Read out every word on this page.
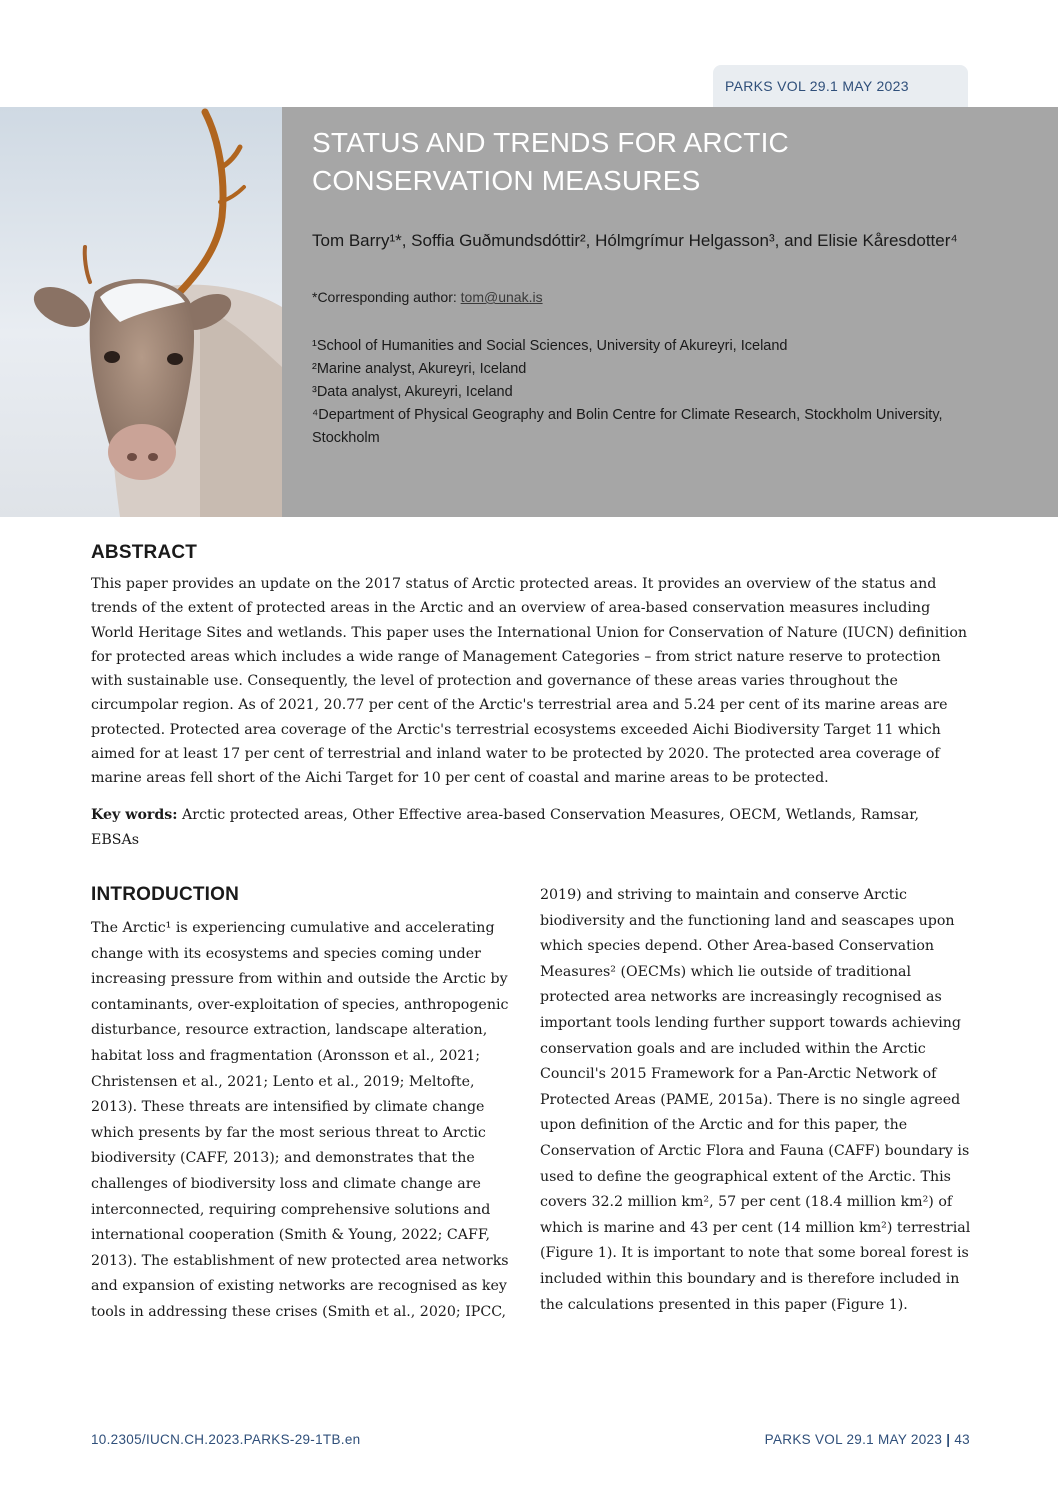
PARKS VOL 29.1 MAY 2023
STATUS AND TRENDS FOR ARCTIC CONSERVATION MEASURES
Tom Barry¹*, Soffia Guðmundsdóttir², Hólmgrímur Helgasson³, and Elisie Kåresdotter⁴
*Corresponding author: tom@unak.is
¹School of Humanities and Social Sciences, University of Akureyri, Iceland
²Marine analyst, Akureyri, Iceland
³Data analyst, Akureyri, Iceland
⁴Department of Physical Geography and Bolin Centre for Climate Research, Stockholm University, Stockholm
ABSTRACT

This paper provides an update on the 2017 status of Arctic protected areas. It provides an overview of the status and trends of the extent of protected areas in the Arctic and an overview of area-based conservation measures including World Heritage Sites and wetlands. This paper uses the International Union for Conservation of Nature (IUCN) definition for protected areas which includes a wide range of Management Categories – from strict nature reserve to protection with sustainable use. Consequently, the level of protection and governance of these areas varies throughout the circumpolar region. As of 2021, 20.77 per cent of the Arctic's terrestrial area and 5.24 per cent of its marine areas are protected. Protected area coverage of the Arctic's terrestrial ecosystems exceeded Aichi Biodiversity Target 11 which aimed for at least 17 per cent of terrestrial and inland water to be protected by 2020. The protected area coverage of marine areas fell short of the Aichi Target for 10 per cent of coastal and marine areas to be protected.

Key words: Arctic protected areas, Other Effective area-based Conservation Measures, OECM, Wetlands, Ramsar, EBSAs

INTRODUCTION

The Arctic¹ is experiencing cumulative and accelerating change with its ecosystems and species coming under increasing pressure from within and outside the Arctic by contaminants, over-exploitation of species, anthropogenic disturbance, resource extraction, landscape alteration, habitat loss and fragmentation (Aronsson et al., 2021; Christensen et al., 2021; Lento et al., 2019; Meltofte, 2013). These threats are intensified by climate change which presents by far the most serious threat to Arctic biodiversity (CAFF, 2013); and demonstrates that the challenges of biodiversity loss and climate change are interconnected, requiring comprehensive solutions and international cooperation (Smith & Young, 2022; CAFF, 2013). The establishment of new protected area networks and expansion of existing networks are recognised as key tools in addressing these crises (Smith et al., 2020; IPCC,

2019) and striving to maintain and conserve Arctic biodiversity and the functioning land and seascapes upon which species depend. Other Area-based Conservation Measures² (OECMs) which lie outside of traditional protected area networks are increasingly recognised as important tools lending further support towards achieving conservation goals and are included within the Arctic Council's 2015 Framework for a Pan-Arctic Network of Protected Areas (PAME, 2015a). There is no single agreed upon definition of the Arctic and for this paper, the Conservation of Arctic Flora and Fauna (CAFF) boundary is used to define the geographical extent of the Arctic. This covers 32.2 million km², 57 per cent (18.4 million km²) of which is marine and 43 per cent (14 million km²) terrestrial (Figure 1). It is important to note that some boreal forest is included within this boundary and is therefore included in the calculations presented in this paper (Figure 1).

10.2305/IUCN.CH.2023.PARKS-29-1TB.en	PARKS VOL 29.1 MAY 2023 | 43
